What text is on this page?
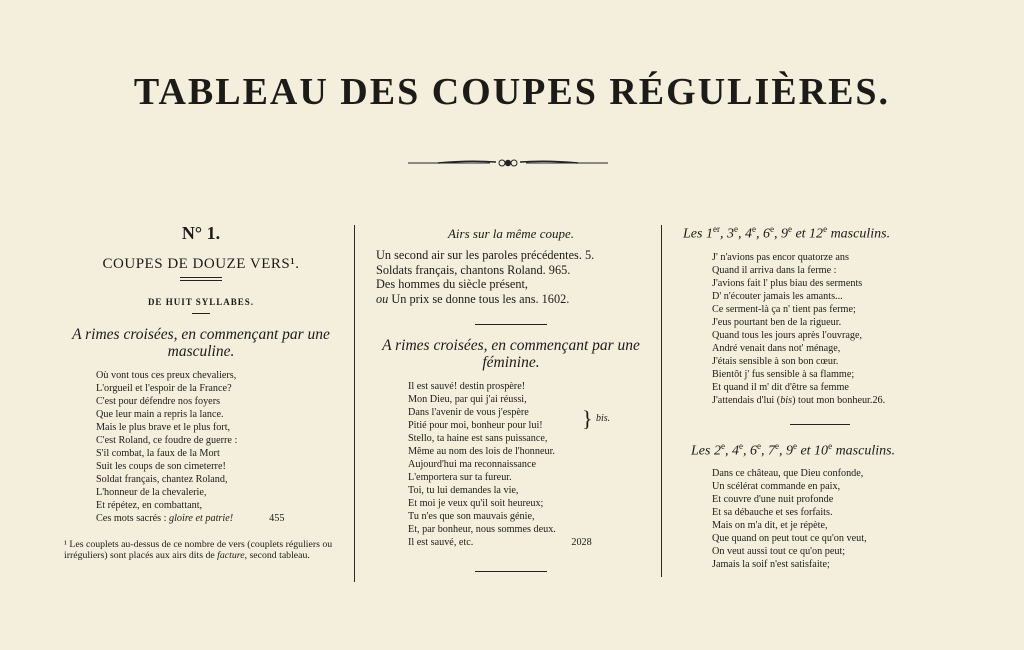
TABLEAU DES COUPES RÉGULIÈRES.
N° 1.
COUPES DE DOUZE VERS¹.
DE HUIT SYLLABES.
A rimes croisées, en commençant par une masculine.
Où vont tous ces preux chevaliers,
L'orgueil et l'espoir de la France?
C'est pour défendre nos foyers
Que leur main a repris la lance.
Mais le plus brave et le plus fort,
C'est Roland, ce foudre de guerre :
S'il combat, la faux de la Mort
Suit les coups de son cimeterre!
Soldat français, chantez Roland,
L'honneur de la chevalerie,
Et répétez, en combattant,
Ces mots sacrés : gloire et patrie!	455
¹ Les couplets au-dessus de ce nombre de vers (couplets réguliers ou irréguliers) sont placés aux airs dits de facture, second tableau.
Airs sur la même coupe.
Un second air sur les paroles précédentes. 5.
Soldats français, chantons Roland. 965.
Des hommes du siècle présent,
ou Un prix se donne tous les ans. 1602.
A rimes croisées, en commençant par une féminine.
} bis.
Il est sauvé! destin prospère!
Mon Dieu, par qui j'ai réussi,
Dans l'avenir de vous j'espère
Pitié pour moi, bonheur pour lui!
Stello, ta haine est sans puissance,
Même au nom des lois de l'honneur.
Aujourd'hui ma reconnaissance
L'emportera sur ta fureur.
Toi, tu lui demandes la vie,
Et moi je veux qu'il soit heureux;
Tu n'es que son mauvais génie,
Et, par bonheur, nous sommes deux.
Il est sauvé, etc.	2028
Les 1er, 3e, 4e, 6e, 9e et 12e masculins.
J' n'avions pas encor quatorze ans
Quand il arriva dans la ferme :
J'avions fait l' plus biau des serments
D' n'écouter jamais les amants...
Ce serment-là ça n' tient pas ferme;
J'eus pourtant ben de la rigueur.
Quand tous les jours après l'ouvrage,
André venait dans not' ménage,
J'étais sensible à son bon cœur.
Bientôt j' fus sensible à sa flamme;
Et quand il m' dit d'être sa femme
J'attendais d'lui (bis) tout mon bonheur.26.
Les 2e, 4e, 6e, 7e, 9e et 10e masculins.
Dans ce château, que Dieu confonde,
Un scélérat commande en paix,
Et couvre d'une nuit profonde
Et sa débauche et ses forfaits.
Mais on m'a dit, et je répète,
Que quand on peut tout ce qu'on veut,
On veut aussi tout ce qu'on peut;
Jamais la soif n'est satisfaite;
